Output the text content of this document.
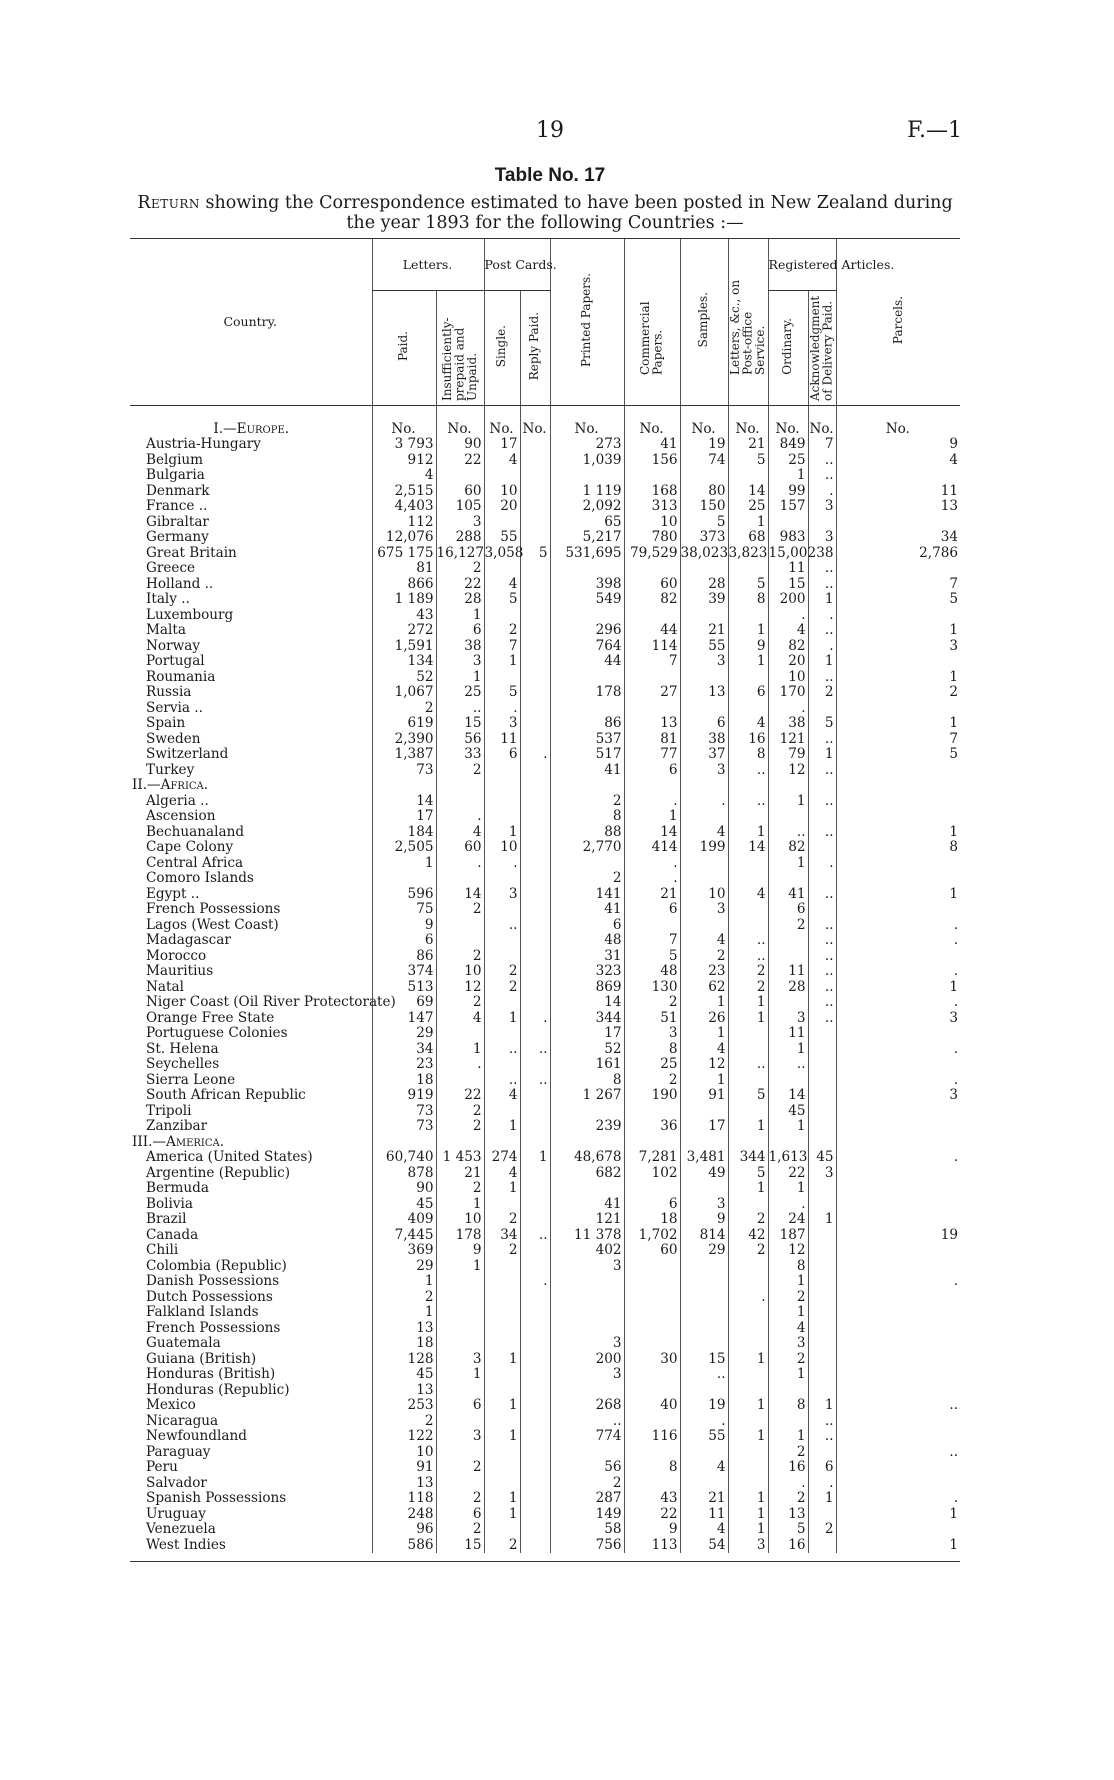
19	F.—1
Table No. 17
Return showing the Correspondence estimated to have been posted in New Zealand during the year 1893 for the following Countries :—
Country.	Letters.		Post Cards.		Printed Papers.	Commercial Papers.	Samples.	Letters, &c., on Post-office Service.	Registered Articles.		Parcels.
	Paid.	Insufficiently-prepaid and Unpaid.	Single.	Reply Paid.					Ordinary.	Acknowledgment of Delivery Paid.	
I.—Europe.	No.	No.	No.	No.	No.	No.	No.	No.	No.	No.	No.
Austria-Hungary	3 793	90	17		273	41	19	21	849	7	9
Belgium	912	22	4		1,039	156	74	5	25	..	4
Bulgaria	4								1	..	
Denmark	2,515	60	10		1 119	168	80	14	99	.	11
France ..	4,403	105	20		2,092	313	150	25	157	3	13
Gibraltar	112	3			65	10	5	1			
Germany	12,076	288	55		5,217	780	373	68	983	3	34
Great Britain	675 175	16,127	3,058	5	531,695	79,529	38,023	3,823	15,002	38	2,786
Greece	81	2							11	..	
Holland ..	866	22	4		398	60	28	5	15	..	7
Italy ..	1 189	28	5		549	82	39	8	200	1	5
Luxembourg	43	1							.	.	
Malta	272	6	2		296	44	21	1	4	..	1
Norway	1,591	38	7		764	114	55	9	82	.	3
Portugal	134	3	1		44	7	3	1	20	1	
Roumania	52	1							10	..	1
Russia	1,067	25	5		178	27	13	6	170	2	2
Servia ..	2	..	.						.		
Spain	619	15	3		86	13	6	4	38	5	1
Sweden	2,390	56	11		537	81	38	16	121	..	7
Switzerland	1,387	33	6	.	517	77	37	8	79	1	5
Turkey	73	2			41	6	3	..	12	..	
II.—Africa.											
Algeria ..	14				2	.	.	..	1	..	
Ascension	17	.			8	1					
Bechuanaland	184	4	1		88	14	4	1	..	..	1
Cape Colony	2,505	60	10		2,770	414	199	14	82		8
Central Africa	1	.	.			.			1	.	
Comoro Islands					2	.					
Egypt ..	596	14	3		141	21	10	4	41	..	1
French Possessions	75	2			41	6	3		6		
Lagos (West Coast)	9		..		6				2	..	.
Madagascar	6				48	7	4	..		..	.
Morocco	86	2			31	5	2	..		..	
Mauritius	374	10	2		323	48	23	2	11	..	.
Natal	513	12	2		869	130	62	2	28	..	1
Niger Coast (Oil River Protectorate)	69	2			14	2	1	1		..	.
Orange Free State	147	4	1	.	344	51	26	1	3	..	3
Portuguese Colonies	29				17	3	1		11		
St. Helena	34	1	..	..	52	8	4		1		.
Seychelles	23	.			161	25	12	..	..		
Sierra Leone	18		..	..	8	2	1				.
South African Republic	919	22	4		1 267	190	91	5	14		3
Tripoli	73	2							45		
Zanzibar	73	2	1		239	36	17	1	1		
III.—America.											
America (United States)	60,740	1 453	274	1	48,678	7,281	3,481	344	1,613	45	.
Argentine (Republic)	878	21	4		682	102	49	5	22	3	
Bermuda	90	2	1					1	1		
Bolivia	45	1			41	6	3		.		
Brazil	409	10	2		121	18	9	2	24	1	
Canada	7,445	178	34	..	11 378	1,702	814	42	187		19
Chili	369	9	2		402	60	29	2	12		
Colombia (Republic)	29	1			3				8		
Danish Possessions	1			.					1		.
Dutch Possessions	2							.	2		
Falkland Islands	1								1		
French Possessions	13								4		
Guatemala	18				3				3		
Guiana (British)	128	3	1		200	30	15	1	2		
Honduras (British)	45	1			3		..		1		
Honduras (Republic)	13										
Mexico	253	6	1		268	40	19	1	8	1	..
Nicaragua	2				..		.			..	
Newfoundland	122	3	1		774	116	55	1	1	..	
Paraguay	10								2		..
Peru	91	2			56	8	4		16	6	
Salvador	13				2				.	.	
Spanish Possessions	118	2	1		287	43	21	1	2	1	.
Uruguay	248	6	1		149	22	11	1	13		1
Venezuela	96	2			58	9	4	1	5	2	
West Indies	586	15	2		756	113	54	3	16		1
